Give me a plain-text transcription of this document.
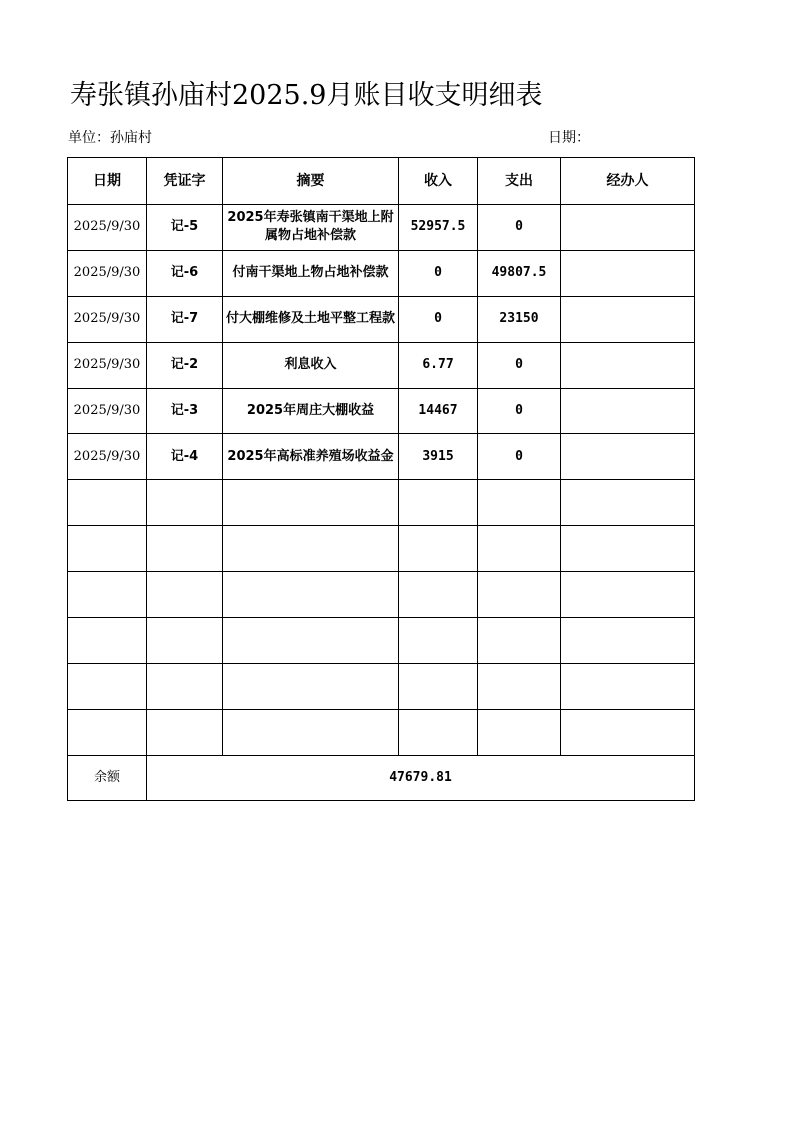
寿张镇孙庙村2025.9月账目收支明细表
单位：孙庙村	日期：
日期	凭证字	摘要	收入	支出	经办人
2025/9/30	记-5	2025年寿张镇南干渠地上附属物占地补偿款	52957.5	0	
2025/9/30	记-6	付南干渠地上物占地补偿款	0	49807.5	
2025/9/30	记-7	付大棚维修及土地平整工程款	0	23150	
2025/9/30	记-2	利息收入	6.77	0	
2025/9/30	记-3	2025年周庄大棚收益	14467	0	
2025/9/30	记-4	2025年高标准养殖场收益金	3915	0	

余额	47679.81				
